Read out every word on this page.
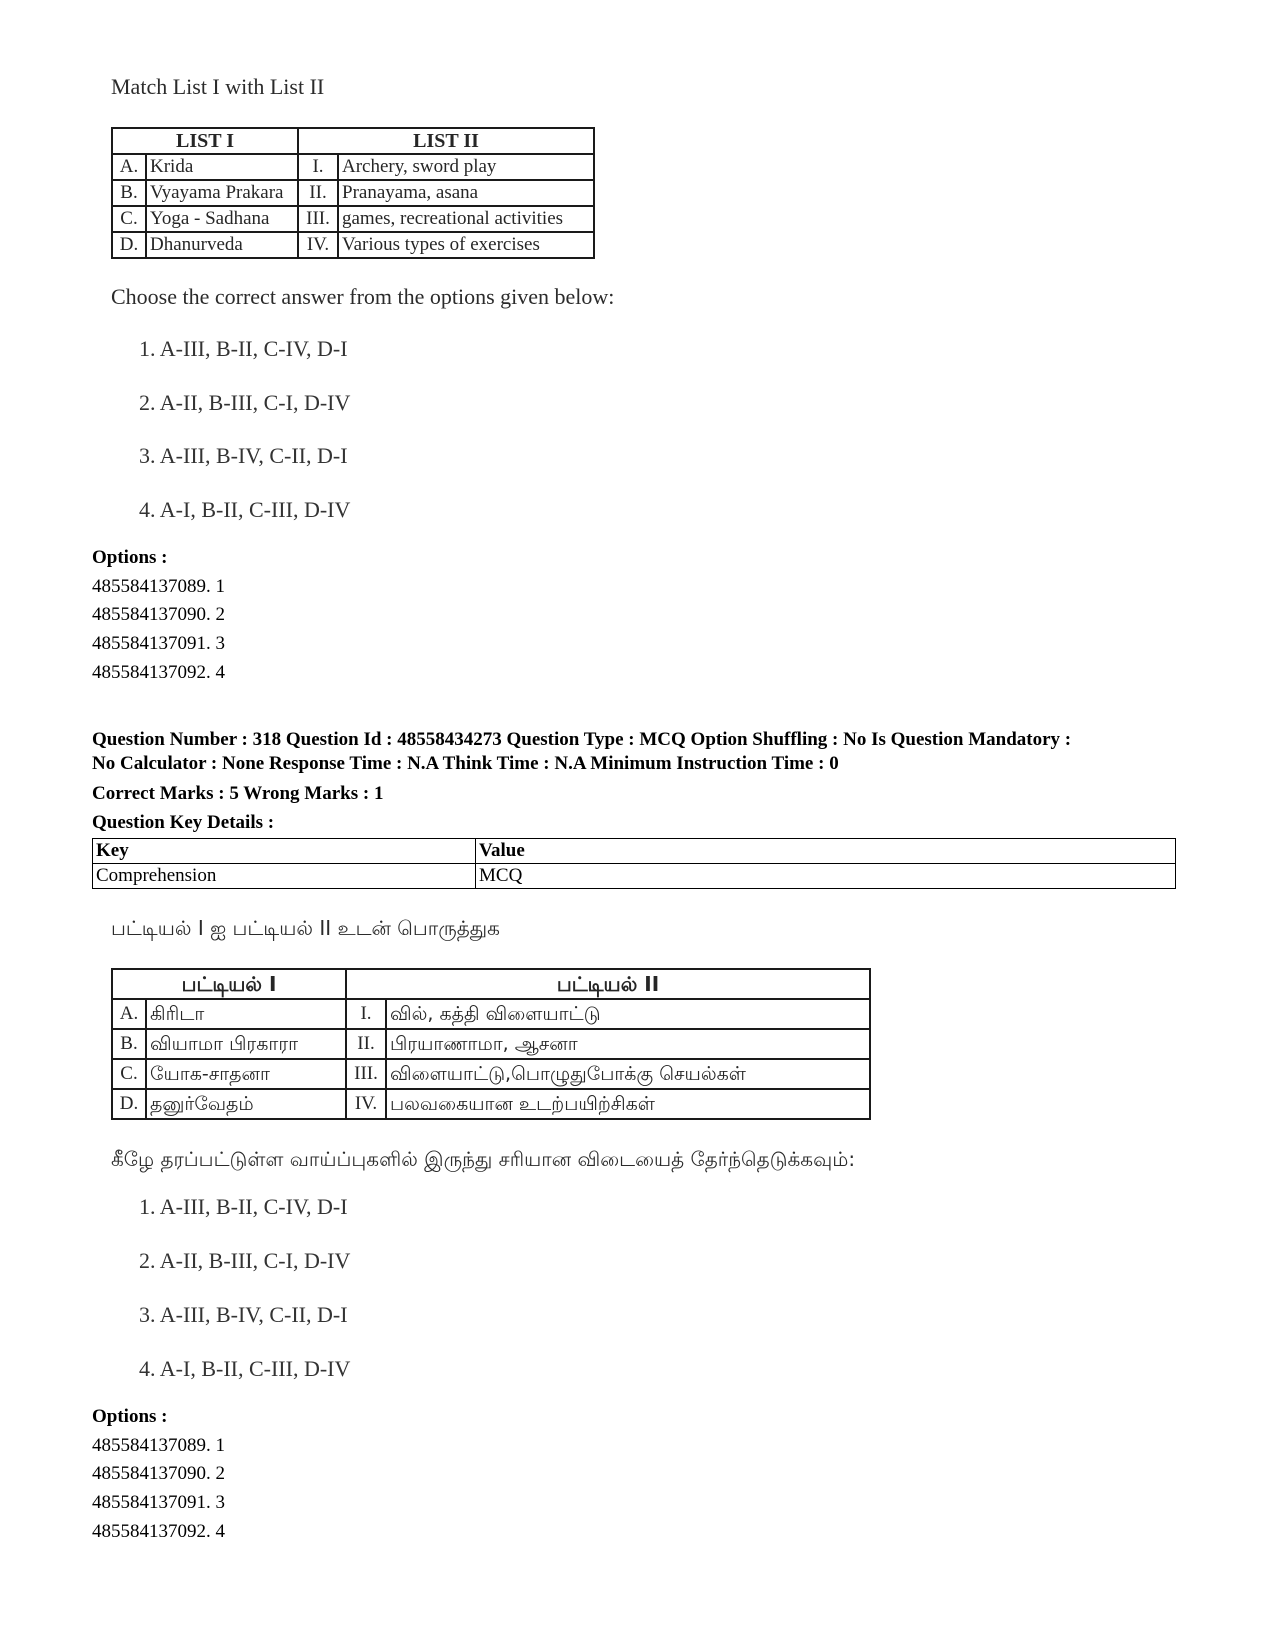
Match List I with List II
LIST I		LIST II	
A.	Krida	I.	Archery, sword play
B.	Vyayama Prakara	II.	Pranayama, asana
C.	Yoga - Sadhana	III.	games, recreational activities
D.	Dhanurveda	IV.	Various types of exercises
Choose the correct answer from the options given below:
1. A-III, B-II, C-IV, D-I
2. A-II, B-III, C-I, D-IV
3. A-III, B-IV, C-II, D-I
4. A-I, B-II, C-III, D-IV
Options :
485584137089. 1
485584137090. 2
485584137091. 3
485584137092. 4
Question Number : 318 Question Id : 48558434273 Question Type : MCQ Option Shuffling : No Is Question Mandatory :
No Calculator : None Response Time : N.A Think Time : N.A Minimum Instruction Time : 0
Correct Marks : 5 Wrong Marks : 1
Question Key Details :
Key	Value
Comprehension	MCQ
பட்டியல் I ஐ பட்டியல் II உடன் பொருத்துக
பட்டியல் I		பட்டியல் II	
A.	கிரிடா	I.	வில், கத்தி விளையாட்டு
B.	வியாமா பிரகாரா	II.	பிரயாணாமா, ஆசனா
C.	யோக-சாதனா	III.	விளையாட்டு,பொழுதுபோக்கு செயல்கள்
D.	தனுர்வேதம்	IV.	பலவகையான உடற்பயிற்சிகள்
கீழே தரப்பட்டுள்ள வாய்ப்புகளில் இருந்து சரியான விடையைத் தேர்ந்தெடுக்கவும்:
1. A-III, B-II, C-IV, D-I
2. A-II, B-III, C-I, D-IV
3. A-III, B-IV, C-II, D-I
4. A-I, B-II, C-III, D-IV
Options :
485584137089. 1
485584137090. 2
485584137091. 3
485584137092. 4
